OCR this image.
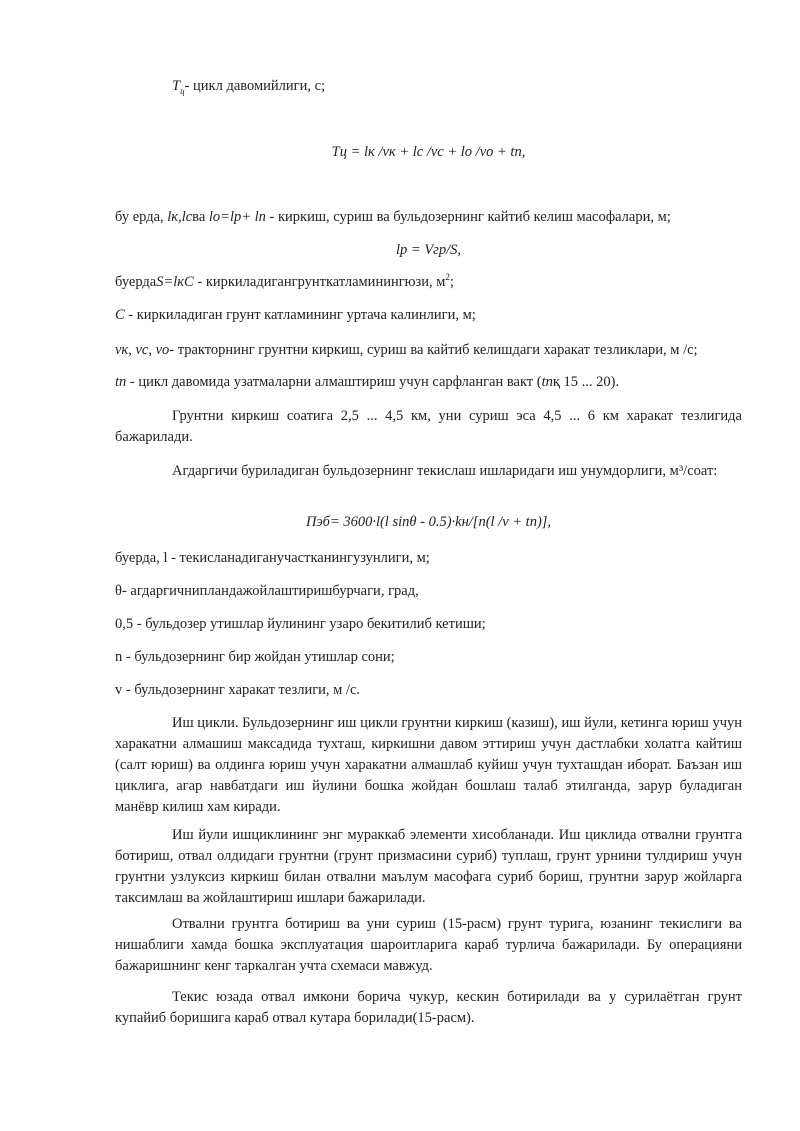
$T_ц-$ цикл давомийлиги, с;
Tц = lк /vк + lс /vс + lо /vо + tп,
бу ерда, lк,lсва lо=lр+ lп - киркиш, суриш ва бульдозернинг кайтиб келиш масофалари, м;
lр = Vгр/S,
буердаS=lкC - киркиладигангрунткатламинингюзи, $м^2$;
C - киркиладиган грунт катламининг уртача калинлиги, м;
vк, vс, vо- тракторнинг грунтни киркиш, суриш ва кайтиб келишдаги харакат тезликлари, м /с;
tп - цикл давомида узатмаларни алмаштириш учун сарфланган вакт (tпқ 15 ... 20).
Грунтни киркиш соатига 2,5 ... 4,5 км, уни суриш эса 4,5 ... 6 км харакат тезлигида бажарилади.
Агдаргичи буриладиган бульдозернинг текислаш ишларидаги иш унумдорлиги, м³/соат:
Пэб= 3600·l(l sinθ - 0.5)·kн/[n(l /v + tп)],
буерда, l - текисланадиганучастканингузунлиги, м;
θ- агдаргичнипландажойлаштиришбурчаги, град,
0,5 - бульдозер утишлар йулининг узаро бекитилиб кетиши;
n - бульдозернинг бир жойдан утишлар сони;
v - бульдозернинг харакат тезлиги, м /с.
Иш цикли. Бульдозернинг иш цикли грунтни киркиш (казиш), иш йули, кетинга юриш учун харакатни алмашиш максадида тухташ, киркишни давом эттириш учун дастлабки холатга кайтиш (салт юриш) ва олдинга юриш учун харакатни алмашлаб куйиш учун тухташдан иборат. Баъзан иш циклига, агар навбатдаги иш йулини бошка жойдан бошлаш талаб этилганда, зарур буладиган манёвр килиш хам киради.
Иш йули ишциклининг энг мураккаб элементи хисобланади. Иш циклида отвални грунтга ботириш, отвал олдидаги грунтни (грунт призмасини суриб) туплаш, грунт урнини тулдириш учун грунтни узлуксиз киркиш билан отвални маълум масофага суриб бориш, грунтни зарур жойларга таксимлаш ва жойлаштириш ишлари бажарилади.
Отвални грунтга ботириш ва уни суриш (15-расм) грунт турига, юзанинг текислиги ва нишаблиги хамда бошка эксплуатация шароитларига караб турлича бажарилади. Бу операцияни бажаришнинг кенг таркалган учта схемаси мавжуд.
Текис юзада отвал имкони борича чукур, кескин ботирилади ва у сурилаётган грунт купайиб боришига караб отвал кутара борилади(15-расм).
